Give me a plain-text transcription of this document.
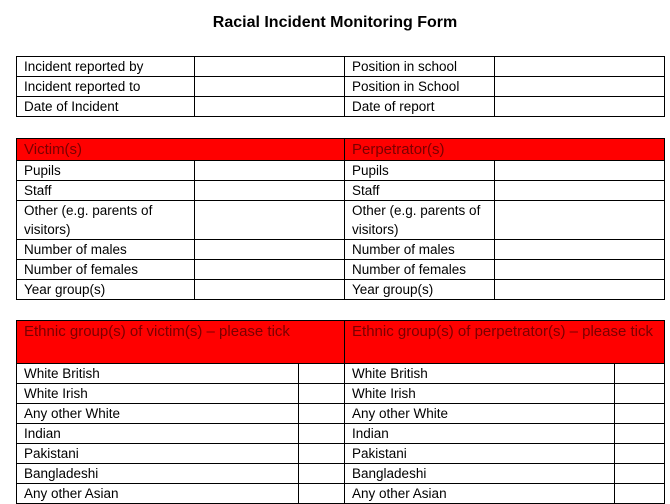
Racial Incident Monitoring Form
Incident reported by		Position in school	
Incident reported to		Position in School	
Date of Incident		Date of report	
Victim(s)		Perpetrator(s)	
Pupils		Pupils	
Staff		Staff	
Other (e.g. parents of visitors)		Other (e.g. parents of visitors)	
Number of males		Number of males	
Number of females		Number of females	
Year group(s)		Year group(s)	
Ethnic group(s) of victim(s) – please tick		Ethnic group(s) of perpetrator(s) – please tick	
White British		White British	
White Irish		White Irish	
Any other White		Any other White	
Indian		Indian	
Pakistani		Pakistani	
Bangladeshi		Bangladeshi	
Any other Asian		Any other Asian	
